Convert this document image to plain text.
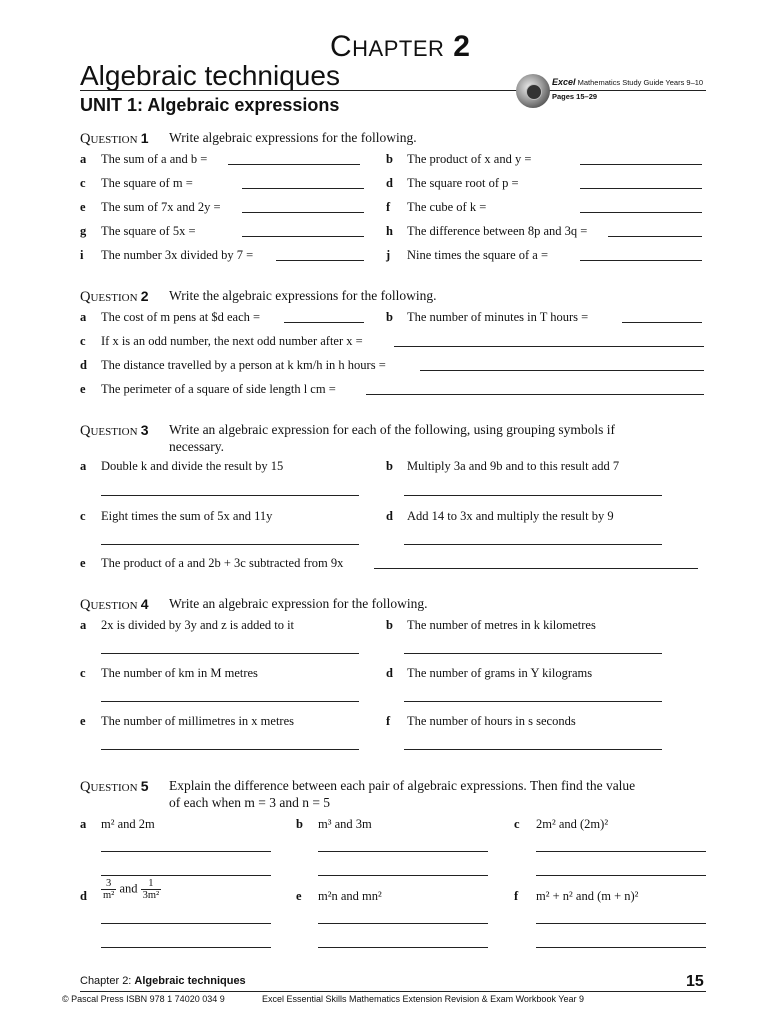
CHAPTER 2
Algebraic techniques
UNIT 1: Algebraic expressions
Excel Mathematics Study Guide Years 9–10
Pages 15–29
QUESTION 1 Write algebraic expressions for the following.
a The sum of a and b =	b The product of x and y =
c The square of m =	d The square root of p =
e The sum of 7x and 2y =	f The cube of k =
g The square of 5x =	h The difference between 8p and 3q =
i The number 3x divided by 7 =	j Nine times the square of a =
QUESTION 2 Write the algebraic expressions for the following.
a The cost of m pens at $d each =	b The number of minutes in T hours =
c If x is an odd number, the next odd number after x =
d The distance travelled by a person at k km/h in h hours =
e The perimeter of a square of side length l cm =
QUESTION 3 Write an algebraic expression for each of the following, using grouping symbols if
necessary.
a Double k and divide the result by 15	b Multiply 3a and 9b and to this result add 7
c Eight times the sum of 5x and 11y	d Add 14 to 3x and multiply the result by 9
e The product of a and 2b + 3c subtracted from 9x
QUESTION 4 Write an algebraic expression for the following.
a 2x is divided by 3y and z is added to it	b The number of metres in k kilometres
c The number of km in M metres	d The number of grams in Y kilograms
e The number of millimetres in x metres	f The number of hours in s seconds
QUESTION 5 Explain the difference between each pair of algebraic expressions. Then find the value
of each when m = 3 and n = 5
a m² and 2m	b m³ and 3m	c 2m² and (2m)²
d $\frac{3}{\text{m²}}$ and $\frac{1}{\text{3m²}}$	e m²n and mn²	f m² + n² and (m + n)²
Chapter 2: Algebraic techniques	15
© Pascal Press ISBN 978 1 74020 034 9	Excel Essential Skills Mathematics Extension Revision & Exam Workbook Year 9
